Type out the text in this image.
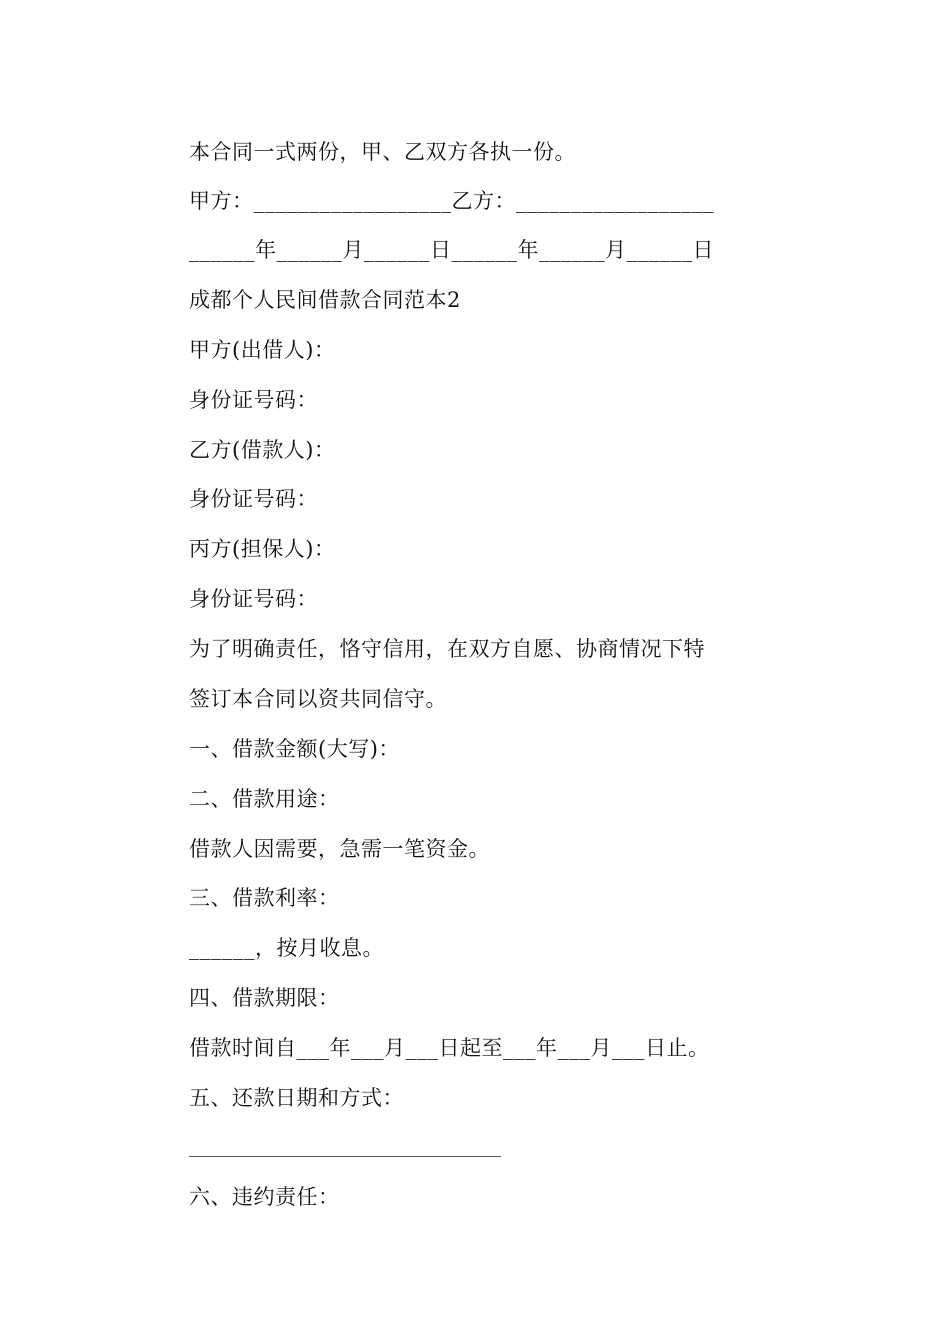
本合同一式两份，甲、乙双方各执一份。
甲方：__________________乙方：__________________
______年______月______日______年______月______日
成都个人民间借款合同范本2
甲方(出借人)：
身份证号码：
乙方(借款人)：
身份证号码：
丙方(担保人)：
身份证号码：
为了明确责任，恪守信用，在双方自愿、协商情况下特
签订本合同以资共同信守。
一、借款金额(大写)：
二、借款用途：
借款人因需要，急需一笔资金。
三、借款利率：
______，按月收息。
四、借款期限：
借款时间自___年___月___日起至___年___月___日止。
五、还款日期和方式：
六、违约责任：
